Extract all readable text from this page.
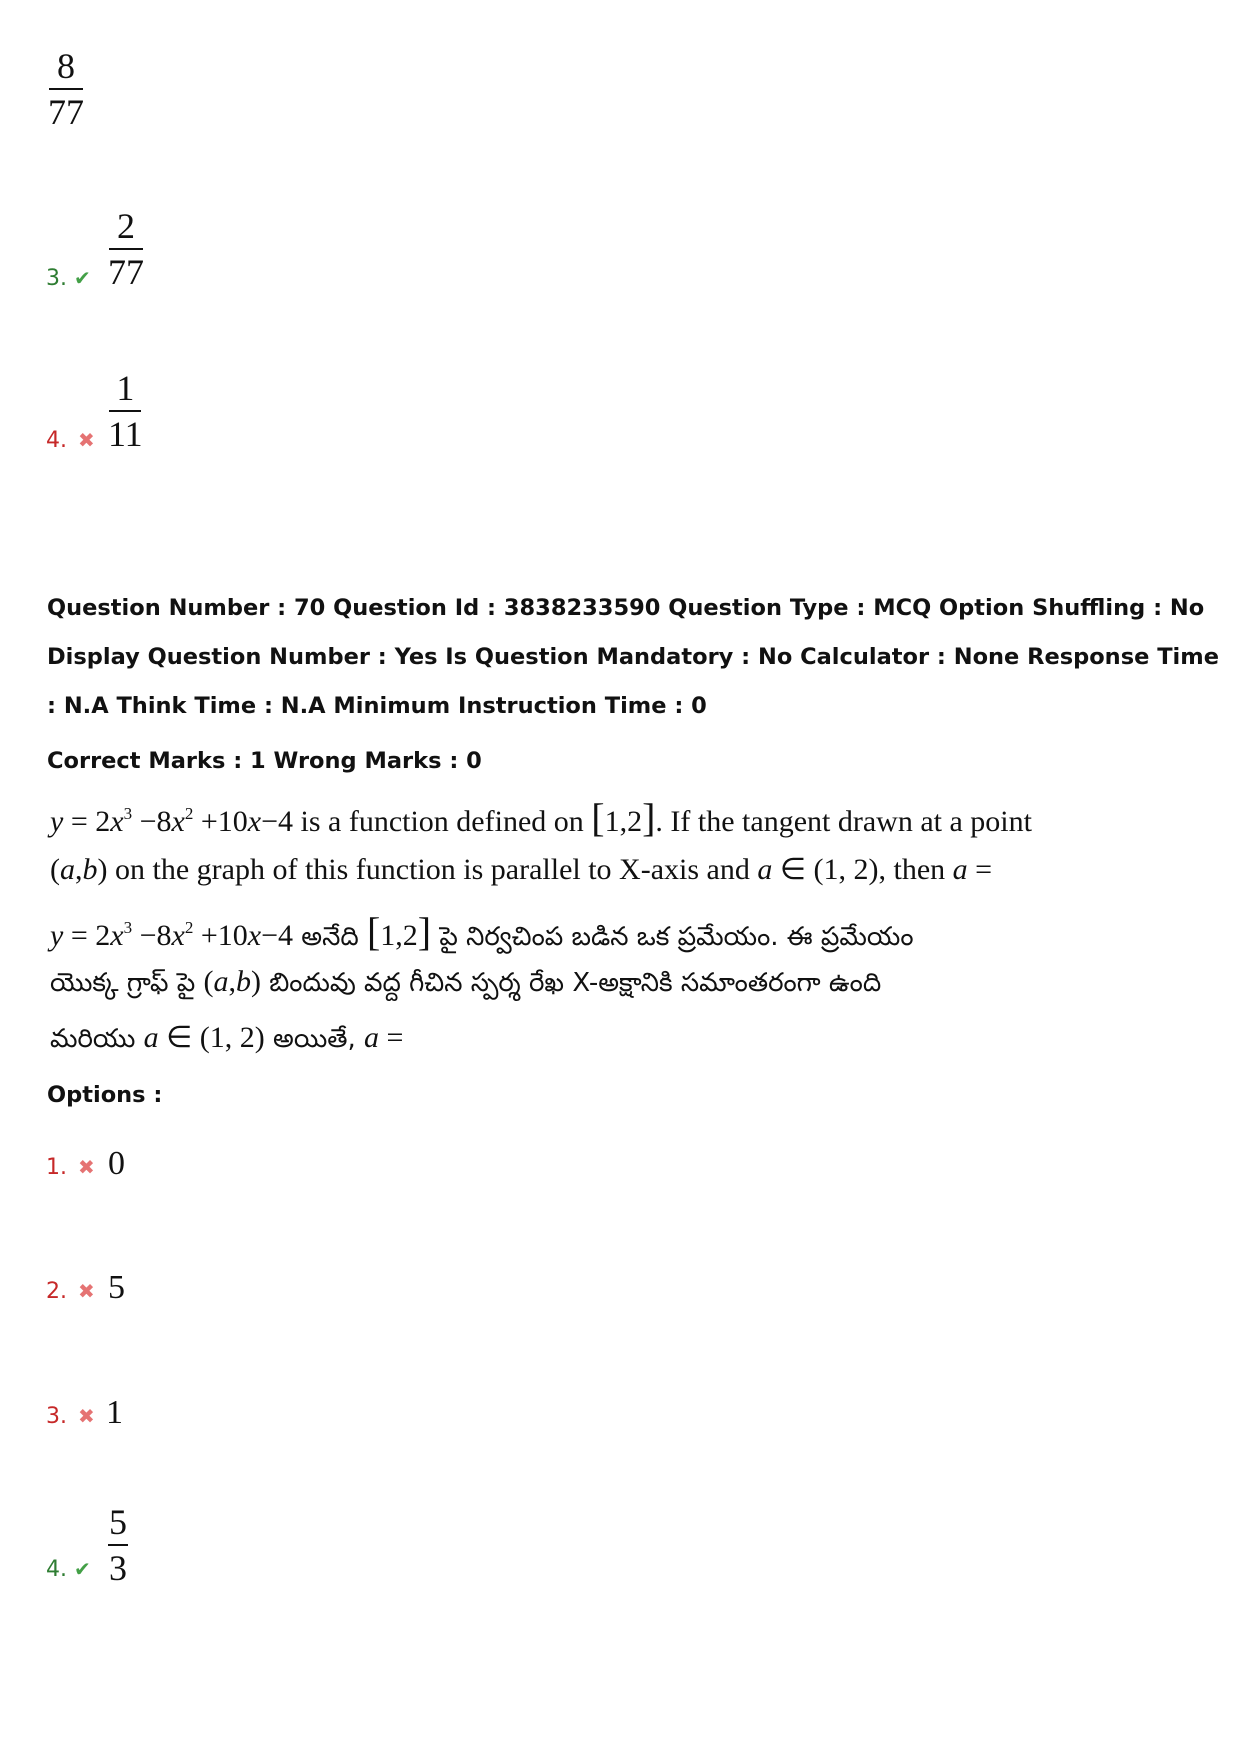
8
77
3. ✔
2
77
4. ✖
1
11
Question Number : 70 Question Id : 3838233590 Question Type : MCQ Option Shuffling : No
Display Question Number : Yes Is Question Mandatory : No Calculator : None Response Time
: N.A Think Time : N.A Minimum Instruction Time : 0
Correct Marks : 1 Wrong Marks : 0
$y = 2x^3 -8x^2 +10x-4$ is a function defined on [1,2]. If the tangent drawn at a point
(a,b) on the graph of this function is parallel to X-axis and a ∈ (1, 2), then a =
$y = 2x^3 -8x^2 +10x-4$ అనేది [1,2] పై నిర్వచింప బడిన ఒక ప్రమేయం. ఈ ప్రమేయం
యొక్క గ్రాఫ్ పై (a,b) బిందువు వద్ద గీచిన స్పర్శ రేఖ X-అక్షానికి సమాంతరంగా ఉంది
మరియు a ∈ (1, 2) అయితే, a =
Options :
1. ✖ 0
2. ✖ 5
3. ✖ 1
4. ✔
5
3
